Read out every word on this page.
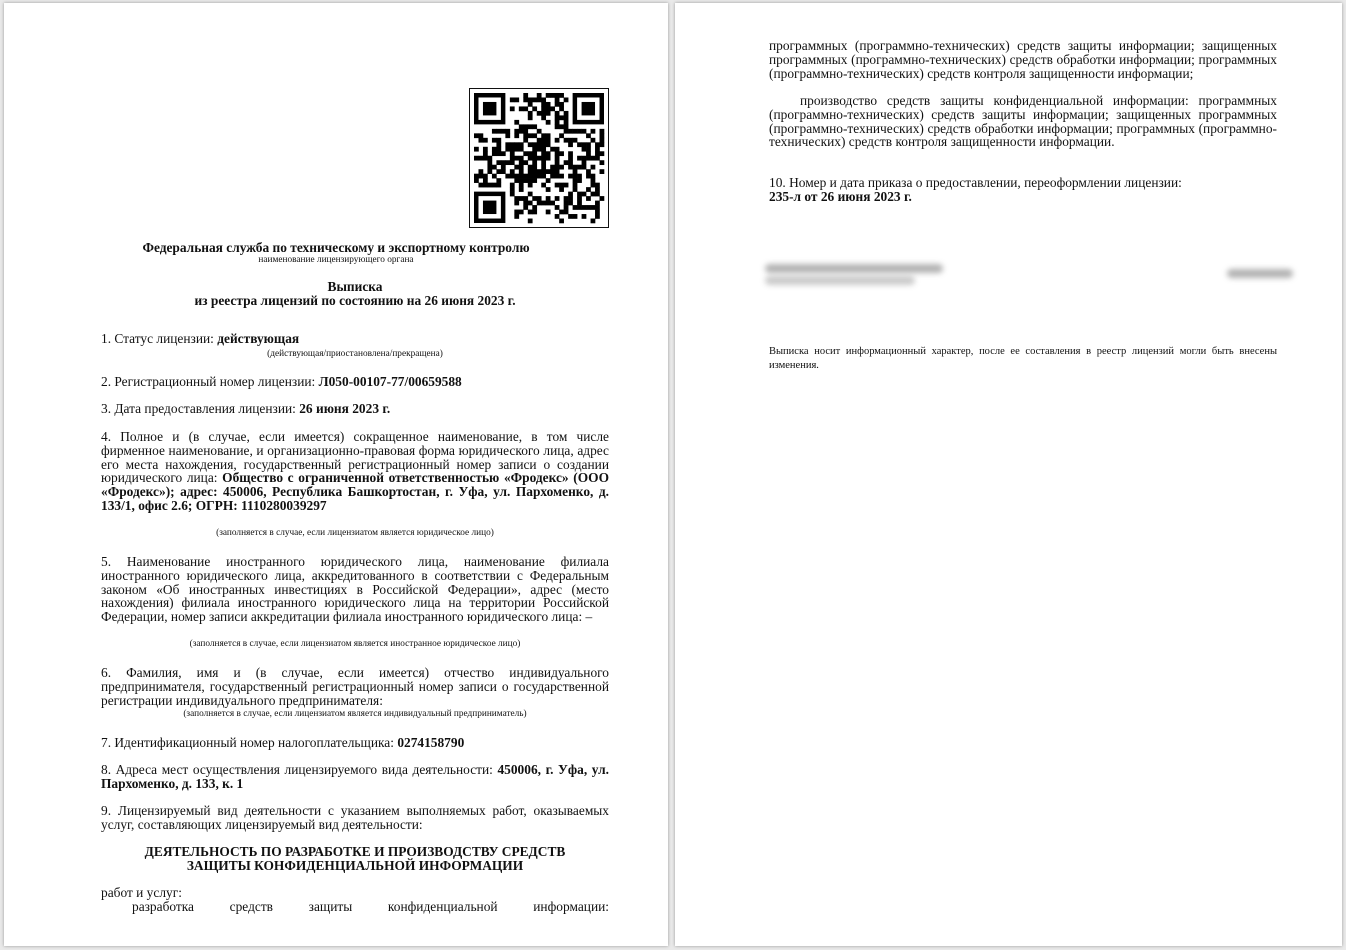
Федеральная служба по техническому и экспортному контролю

наименование лицензирующего органа

Выписка

из реестра лицензий по состоянию на 26 июня 2023 г.

1. Статус лицензии: действующая

(действующая/приостановлена/прекращена)

2. Регистрационный номер лицензии: Л050-00107-77/00659588

3. Дата предоставления лицензии: 26 июня 2023 г.

4. Полное и (в случае, если имеется) сокращенное наименование, в том числе фирменное наименование, и организационно-правовая форма юридического лица, адрес его места нахождения, государственный регистрационный номер записи о создании юридического лица: Общество с ограниченной ответственностью «Фродекс» (ООО «Фродекс»); адрес: 450006, Республика Башкортостан, г. Уфа, ул. Пархоменко, д. 133/1, офис 2.6; ОГРН: 1110280039297

(заполняется в случае, если лицензиатом является юридическое лицо)

5. Наименование иностранного юридического лица, наименование филиала иностранного юридического лица, аккредитованного в соответствии с Федеральным законом «Об иностранных инвестициях в Российской Федерации», адрес (место нахождения) филиала иностранного юридического лица на территории Российской Федерации, номер записи аккредитации филиала иностранного юридического лица: –

(заполняется в случае, если лицензиатом является иностранное юридическое лицо)

6. Фамилия, имя и (в случае, если имеется) отчество индивидуального предпринимателя, государственный регистрационный номер записи о государственной регистрации индивидуального предпринимателя:

(заполняется в случае, если лицензиатом является индивидуальный предприниматель)

7. Идентификационный номер налогоплательщика: 0274158790

8. Адреса мест осуществления лицензируемого вида деятельности: 450006, г. Уфа, ул. Пархоменко, д. 133, к. 1

9. Лицензируемый вид деятельности с указанием выполняемых работ, оказываемых услуг, составляющих лицензируемый вид деятельности:

ДЕЯТЕЛЬНОСТЬ ПО РАЗРАБОТКЕ И ПРОИЗВОДСТВУ СРЕДСТВ

ЗАЩИТЫ КОНФИДЕНЦИАЛЬНОЙ ИНФОРМАЦИИ

работ и услуг:
разработка средств защиты конфиденциальной информации:
программных (программно-технических) средств защиты информации; защищенных программных (программно-технических) средств обработки информации; программных (программно-технических) средств контроля защищенности информации;
производство средств защиты конфиденциальной информации: программных (программно-технических) средств защиты информации; защищенных программных (программно-технических) средств обработки информации; программных (программно-технических) средств контроля защищенности информации.

10. Номер и дата приказа о предоставлении, переоформлении лицензии:

235-л от 26 июня 2023 г.

Выписка носит информационный характер, после ее составления в реестр лицензий могли быть внесены изменения.
